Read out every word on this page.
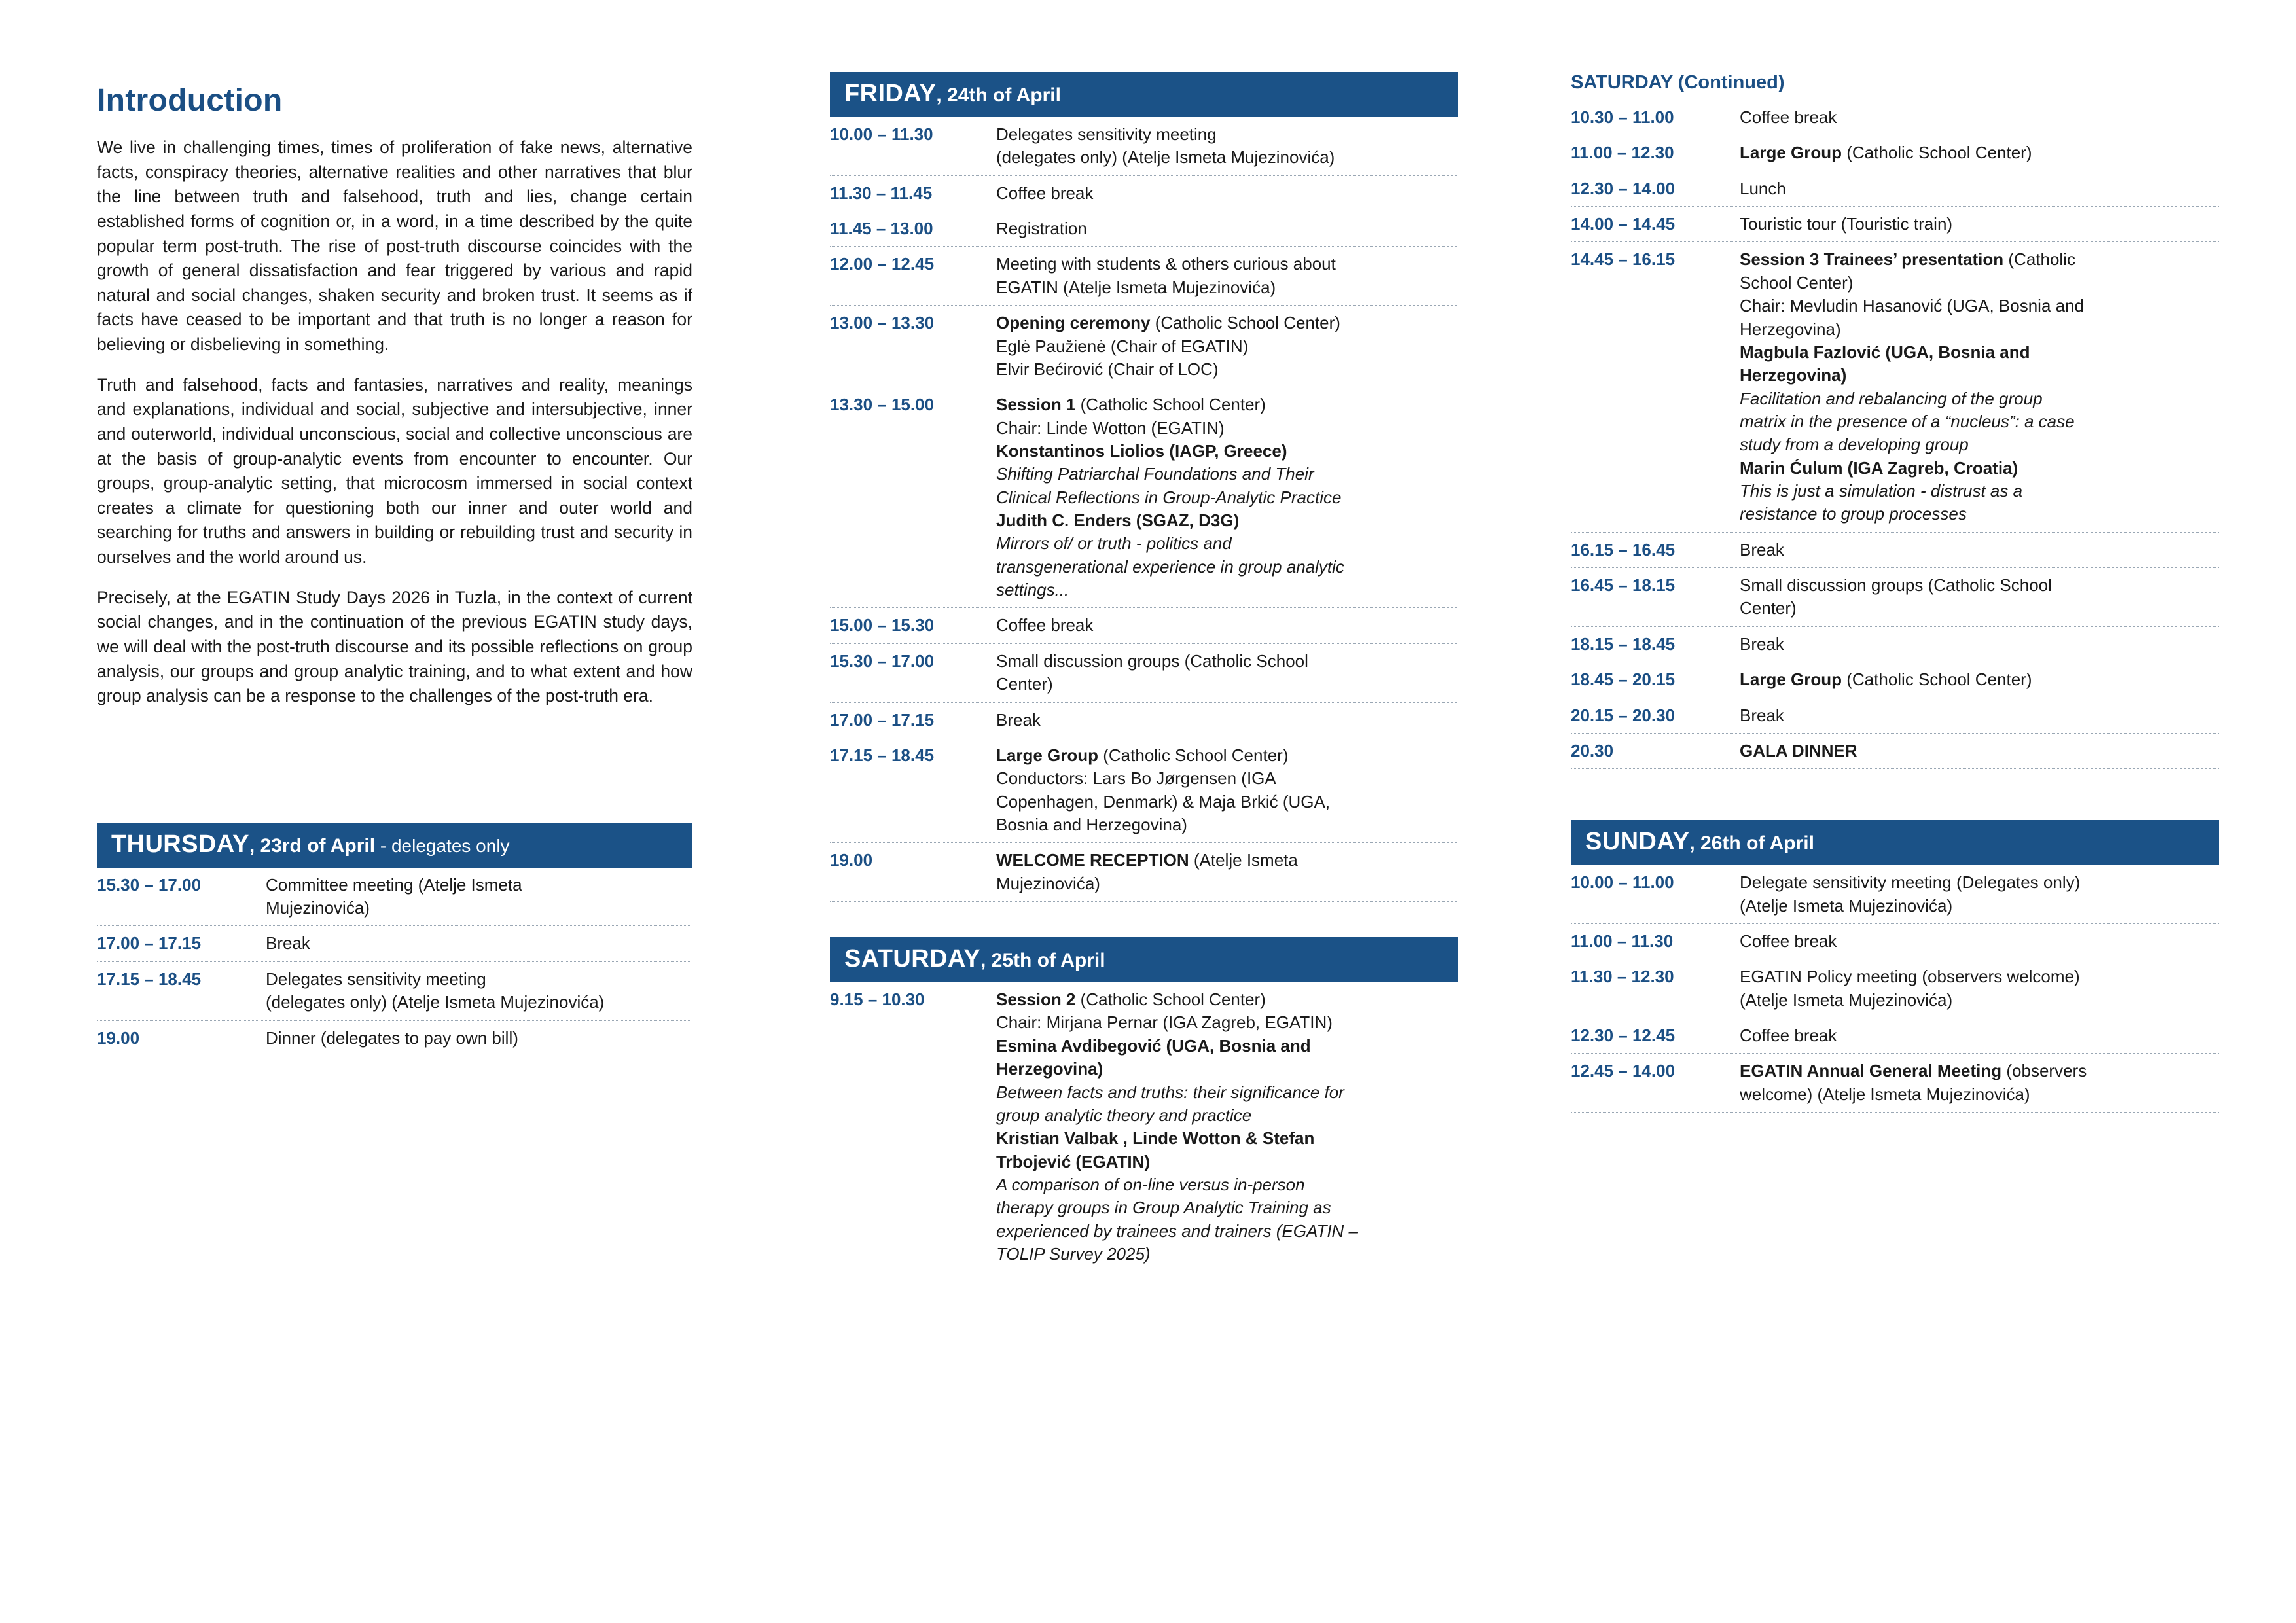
Introduction

We live in challenging times, times of proliferation of fake news, alternative facts, conspiracy theories, alternative realities and other narratives that blur the line between truth and falsehood, truth and lies, change certain established forms of cognition or, in a word, in a time described by the quite popular term post-truth. The rise of post-truth discourse coincides with the growth of general dissatisfaction and fear triggered by various and rapid natural and social changes, shaken security and broken trust. It seems as if facts have ceased to be important and that truth is no longer a reason for believing or disbelieving in something.

Truth and falsehood, facts and fantasies, narratives and reality, meanings and explanations, individual and social, subjective and intersubjective, inner and outerworld, individual unconscious, social and collective unconscious are at the basis of group-analytic events from encounter to encounter. Our groups, group-analytic setting, that microcosm immersed in social context creates a climate for questioning both our inner and outer world and searching for truths and answers in building or rebuilding trust and security in ourselves and the world around us.

Precisely, at the EGATIN Study Days 2026 in Tuzla, in the context of current social changes, and in the continuation of the previous EGATIN study days, we will deal with the post-truth discourse and its possible reflections on group analysis, our groups and group analytic training, and to what extent and how group analysis can be a response to the challenges of the post-truth era.

THURSDAY, 23rd of April - delegates only
15.30 – 17.00	Committee meeting (Atelje Ismeta
Mujezinovića)
17.00 – 17.15	Break
17.15 – 18.45	Delegates sensitivity meeting
(delegates only) (Atelje Ismeta Mujezinovića)
19.00	Dinner (delegates to pay own bill)
FRIDAY, 24th of April
10.00 – 11.30	Delegates sensitivity meeting
(delegates only) (Atelje Ismeta Mujezinovića)
11.30 – 11.45	Coffee break
11.45 – 13.00	Registration
12.00 – 12.45	Meeting with students & others curious about
EGATIN (Atelje Ismeta Mujezinovića)
13.00 – 13.30	Opening ceremony (Catholic School Center)
Eglė Paužienė (Chair of EGATIN)
Elvir Bećirović (Chair of LOC)
13.30 – 15.00	Session 1 (Catholic School Center)
Chair: Linde Wotton (EGATIN)
Konstantinos Liolios (IAGP, Greece)
Shifting Patriarchal Foundations and Their
Clinical Reflections in Group-Analytic Practice
Judith C. Enders (SGAZ, D3G)
Mirrors of/ or truth - politics and
transgenerational experience in group analytic
settings...
15.00 – 15.30	Coffee break
15.30 – 17.00	Small discussion groups (Catholic School
Center)
17.00 – 17.15	Break
17.15 – 18.45	Large Group (Catholic School Center)
Conductors: Lars Bo Jørgensen (IGA
Copenhagen, Denmark) & Maja Brkić (UGA,
Bosnia and Herzegovina)
19.00	WELCOME RECEPTION (Atelje Ismeta
Mujezinovića)
SATURDAY, 25th of April
9.15 – 10.30	Session 2 (Catholic School Center)
Chair: Mirjana Pernar (IGA Zagreb, EGATIN)
Esmina Avdibegović (UGA, Bosnia and
Herzegovina)
Between facts and truths: their significance for
group analytic theory and practice
Kristian Valbak , Linde Wotton & Stefan
Trbojević (EGATIN)
A comparison of on-line versus in-person
therapy groups in Group Analytic Training as
experienced by trainees and trainers (EGATIN –
TOLIP Survey 2025)
SATURDAY (Continued)
10.30 – 11.00	Coffee break
11.00 – 12.30	Large Group (Catholic School Center)
12.30 – 14.00	Lunch
14.00 – 14.45	Touristic tour (Touristic train)
14.45 – 16.15	Session 3 Trainees’ presentation (Catholic
School Center)
Chair: Mevludin Hasanović (UGA, Bosnia and
Herzegovina)
Magbula Fazlović (UGA, Bosnia and
Herzegovina)
Facilitation and rebalancing of the group
matrix in the presence of a “nucleus”: a case
study from a developing group
Marin Ćulum (IGA Zagreb, Croatia)
This is just a simulation - distrust as a
resistance to group processes
16.15 – 16.45	Break
16.45 – 18.15	Small discussion groups (Catholic School
Center)
18.15 – 18.45	Break
18.45 – 20.15	Large Group (Catholic School Center)
20.15 – 20.30	Break
20.30	GALA DINNER
SUNDAY, 26th of April
10.00 – 11.00	Delegate sensitivity meeting (Delegates only)
(Atelje Ismeta Mujezinovića)
11.00 – 11.30	Coffee break
11.30 – 12.30	EGATIN Policy meeting (observers welcome)
(Atelje Ismeta Mujezinovića)
12.30 – 12.45	Coffee break
12.45 – 14.00	EGATIN Annual General Meeting (observers
welcome) (Atelje Ismeta Mujezinovića)
